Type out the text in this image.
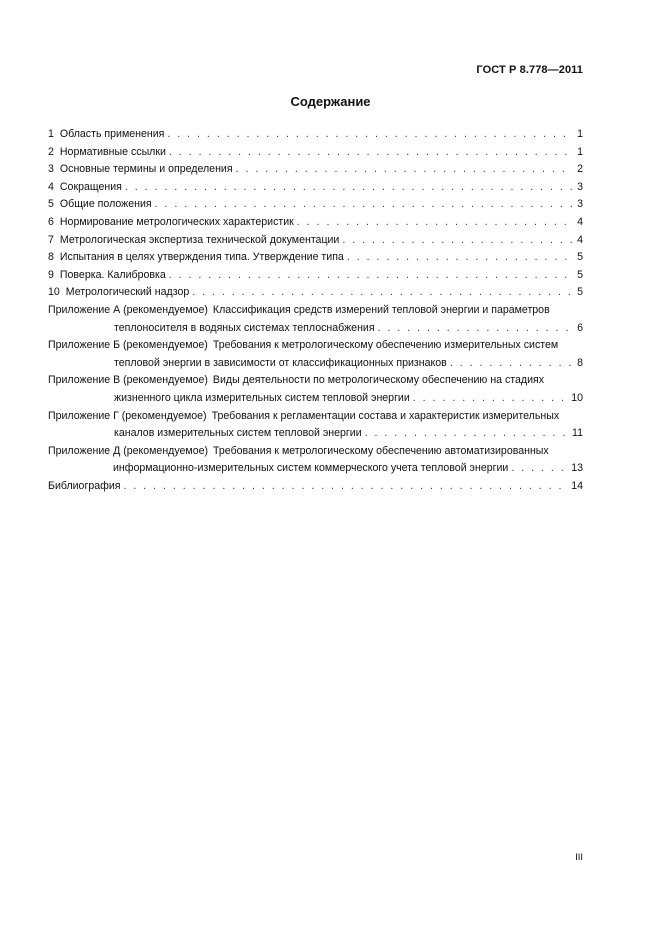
ГОСТ Р 8.778—2011
Содержание
1 Область применения . . .	1
2 Нормативные ссылки . . .	1
3 Основные термины и определения . . .	2
4 Сокращения . . .	3
5 Общие положения . . .	3
6 Нормирование метрологических характеристик . . .	4
7 Метрологическая экспертиза технической документации . . .	4
8 Испытания в целях утверждения типа. Утверждение типа . . .	5
9 Поверка. Калибровка . . .	5
10 Метрологический надзор . . .	5
Приложение А (рекомендуемое) Классификация средств измерений тепловой энергии и параметров
теплоносителя в водяных системах теплоснабжения . . .	6
Приложение Б (рекомендуемое) Требования к метрологическому обеспечению измерительных систем
тепловой энергии в зависимости от классификационных признаков . . .	8
Приложение В (рекомендуемое) Виды деятельности по метрологическому обеспечению на стадиях
жизненного цикла измерительных систем тепловой энергии . . .	10
Приложение Г (рекомендуемое) Требования к регламентации состава и характеристик измерительных
каналов измерительных систем тепловой энергии . . .	11
Приложение Д (рекомендуемое) Требования к метрологическому обеспечению автоматизированных
информационно-измерительных систем коммерческого учета тепловой энергии . . .	13
Библиография . . .	14
III
